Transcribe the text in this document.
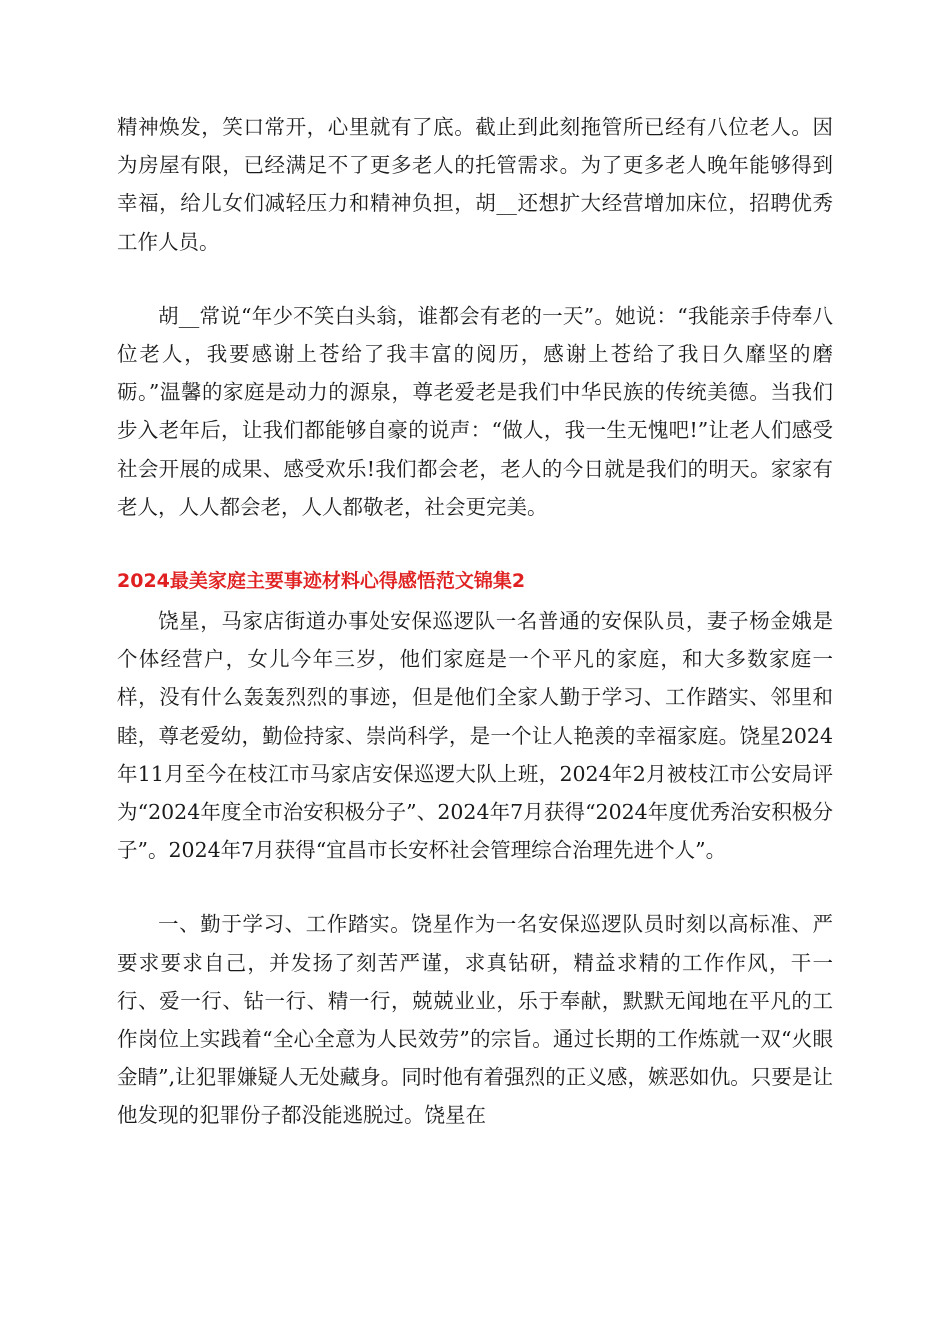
精神焕发，笑口常开，心里就有了底。截止到此刻拖管所已经有八位老人。因为房屋有限，已经满足不了更多老人的托管需求。为了更多老人晚年能够得到幸福，给儿女们减轻压力和精神负担，胡__还想扩大经营增加床位，招聘优秀工作人员。

胡__常说“年少不笑白头翁，谁都会有老的一天”。她说：“我能亲手侍奉八位老人，我要感谢上苍给了我丰富的阅历，感谢上苍给了我日久靡坚的磨砺。”温馨的家庭是动力的源泉，尊老爱老是我们中华民族的传统美德。当我们步入老年后，让我们都能够自豪的说声：“做人，我一生无愧吧!”让老人们感受社会开展的成果、感受欢乐!我们都会老，老人的今日就是我们的明天。家家有老人，人人都会老，人人都敬老，社会更完美。

2024最美家庭主要事迹材料心得感悟范文锦集2

饶星，马家店街道办事处安保巡逻队一名普通的安保队员，妻子杨金娥是个体经营户，女儿今年三岁，他们家庭是一个平凡的家庭，和大多数家庭一样，没有什么轰轰烈烈的事迹，但是他们全家人勤于学习、工作踏实、邻里和睦，尊老爱幼，勤俭持家、崇尚科学，是一个让人艳羡的幸福家庭。饶星2024年11月至今在枝江市马家店安保巡逻大队上班，2024年2月被枝江市公安局评为“2024年度全市治安积极分子”、2024年7月获得“2024年度优秀治安积极分子”。2024年7月获得“宜昌市长安杯社会管理综合治理先进个人”。

一、勤于学习、工作踏实。饶星作为一名安保巡逻队员时刻以高标准、严要求要求自己，并发扬了刻苦严谨，求真钻研，精益求精的工作作风，干一行、爱一行、钻一行、精一行，兢兢业业，乐于奉献，默默无闻地在平凡的工作岗位上实践着“全心全意为人民效劳”的宗旨。通过长期的工作炼就一双“火眼金睛”,让犯罪嫌疑人无处藏身。同时他有着强烈的正义感，嫉恶如仇。只要是让他发现的犯罪份子都没能逃脱过。饶星在
